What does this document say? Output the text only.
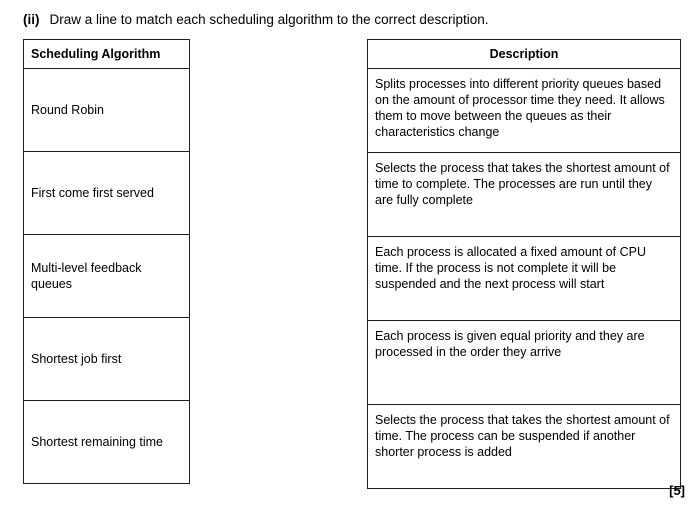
(ii) Draw a line to match each scheduling algorithm to the correct description.
Scheduling Algorithm
Round Robin
First come first served
Multi-level feedback queues
Shortest job first
Shortest remaining time
Description
Splits processes into different priority queues based on the amount of processor time they need. It allows them to move between the queues as their characteristics change
Selects the process that takes the shortest amount of time to complete. The processes are run until they are fully complete
Each process is allocated a fixed amount of CPU time. If the process is not complete it will be suspended and the next process will start
Each process is given equal priority and they are processed in the order they arrive
Selects the process that takes the shortest amount of time. The process can be suspended if another shorter process is added
[5]
